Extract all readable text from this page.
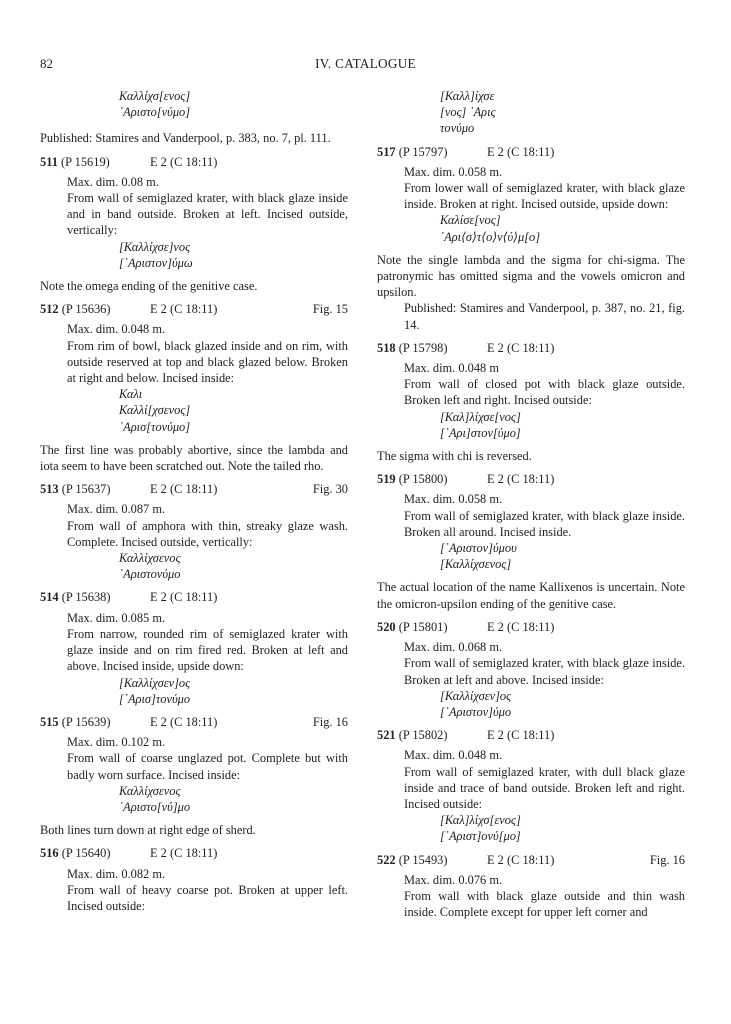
82	IV. CATALOGUE

Καλλίχσ[ενος]

᾿Αριστο[νύμο]

Published: Stamires and Vanderpool, p. 383, no. 7, pl. 111.

511 (P 15619)	E 2 (C 18:11)

Max. dim. 0.08 m.

From wall of semiglazed krater, with black glaze inside and in band outside. Broken at left. Incised outside, vertically:

[Καλλίχσε]νος

[᾿Αριστον]ύμω

Note the omega ending of the genitive case.

512 (P 15636)	E 2 (C 18:11)	Fig. 15

Max. dim. 0.048 m.

From rim of bowl, black glazed inside and on rim, with outside reserved at top and black glazed below. Broken at right and below. Incised inside:

Καλι

Καλλί[χσενος]

᾿Αρισ[τονύμο]

The first line was probably abortive, since the lambda and iota seem to have been scratched out. Note the tailed rho.

513 (P 15637)	E 2 (C 18:11)	Fig. 30

Max. dim. 0.087 m.

From wall of amphora with thin, streaky glaze wash. Complete. Incised outside, vertically:

Καλλίχσενος

᾿Αριστονύμο

514 (P 15638)	E 2 (C 18:11)

Max. dim. 0.085 m.

From narrow, rounded rim of semiglazed krater with glaze inside and on rim fired red. Broken at left and above. Incised inside, upside down:

[Καλλίχσεν]ος

[᾿Αρισ]τονύμο

515 (P 15639)	E 2 (C 18:11)	Fig. 16

Max. dim. 0.102 m.

From wall of coarse unglazed pot. Complete but with badly worn surface. Incised inside:

Καλλίχσενος

᾿Αριστο[νύ]μο

Both lines turn down at right edge of sherd.

516 (P 15640)	E 2 (C 18:11)

Max. dim. 0.082 m.

From wall of heavy coarse pot. Broken at upper left. Incised outside:

[Καλλ]ίχσε

[νος] ᾿Αρις

τονύμο

517 (P 15797)	E 2 (C 18:11)

Max. dim. 0.058 m.

From lower wall of semiglazed krater, with black glaze inside. Broken at right. Incised outside, upside down:

Καλίσε[νος]

᾿Αρι⟨σ⟩τ⟨ο⟩ν⟨ύ⟩μ[ο]

Note the single lambda and the sigma for chi-sigma. The patronymic has omitted sigma and the vowels omicron and upsilon.

Published: Stamires and Vanderpool, p. 387, no. 21, fig. 14.

518 (P 15798)	E 2 (C 18:11)

Max. dim. 0.048 m

From wall of closed pot with black glaze outside. Broken left and right. Incised outside:

[Καλ]λίχσε[νος]

[᾿Αρι]στον[ύμο]

The sigma with chi is reversed.

519 (P 15800)	E 2 (C 18:11)

Max. dim. 0.058 m.

From wall of semiglazed krater, with black glaze inside. Broken all around. Incised inside.

[᾿Αριστον]ύμου

[Καλλίχσενος]

The actual location of the name Kallixenos is uncertain. Note the omicron-upsilon ending of the genitive case.

520 (P 15801)	E 2 (C 18:11)

Max. dim. 0.068 m.

From wall of semiglazed krater, with black glaze inside. Broken at left and above. Incised inside:

[Καλλίχσεν]ος

[᾿Αριστον]ύμο

521 (P 15802)	E 2 (C 18:11)

Max. dim. 0.048 m.

From wall of semiglazed krater, with dull black glaze inside and trace of band outside. Broken left and right. Incised outside:

[Καλ]λίχσ[ενος]

[᾿Αριστ]ονύ[μο]

522 (P 15493)	E 2 (C 18:11)	Fig. 16

Max. dim. 0.076 m.

From wall with black glaze outside and thin wash inside. Complete except for upper left corner and
